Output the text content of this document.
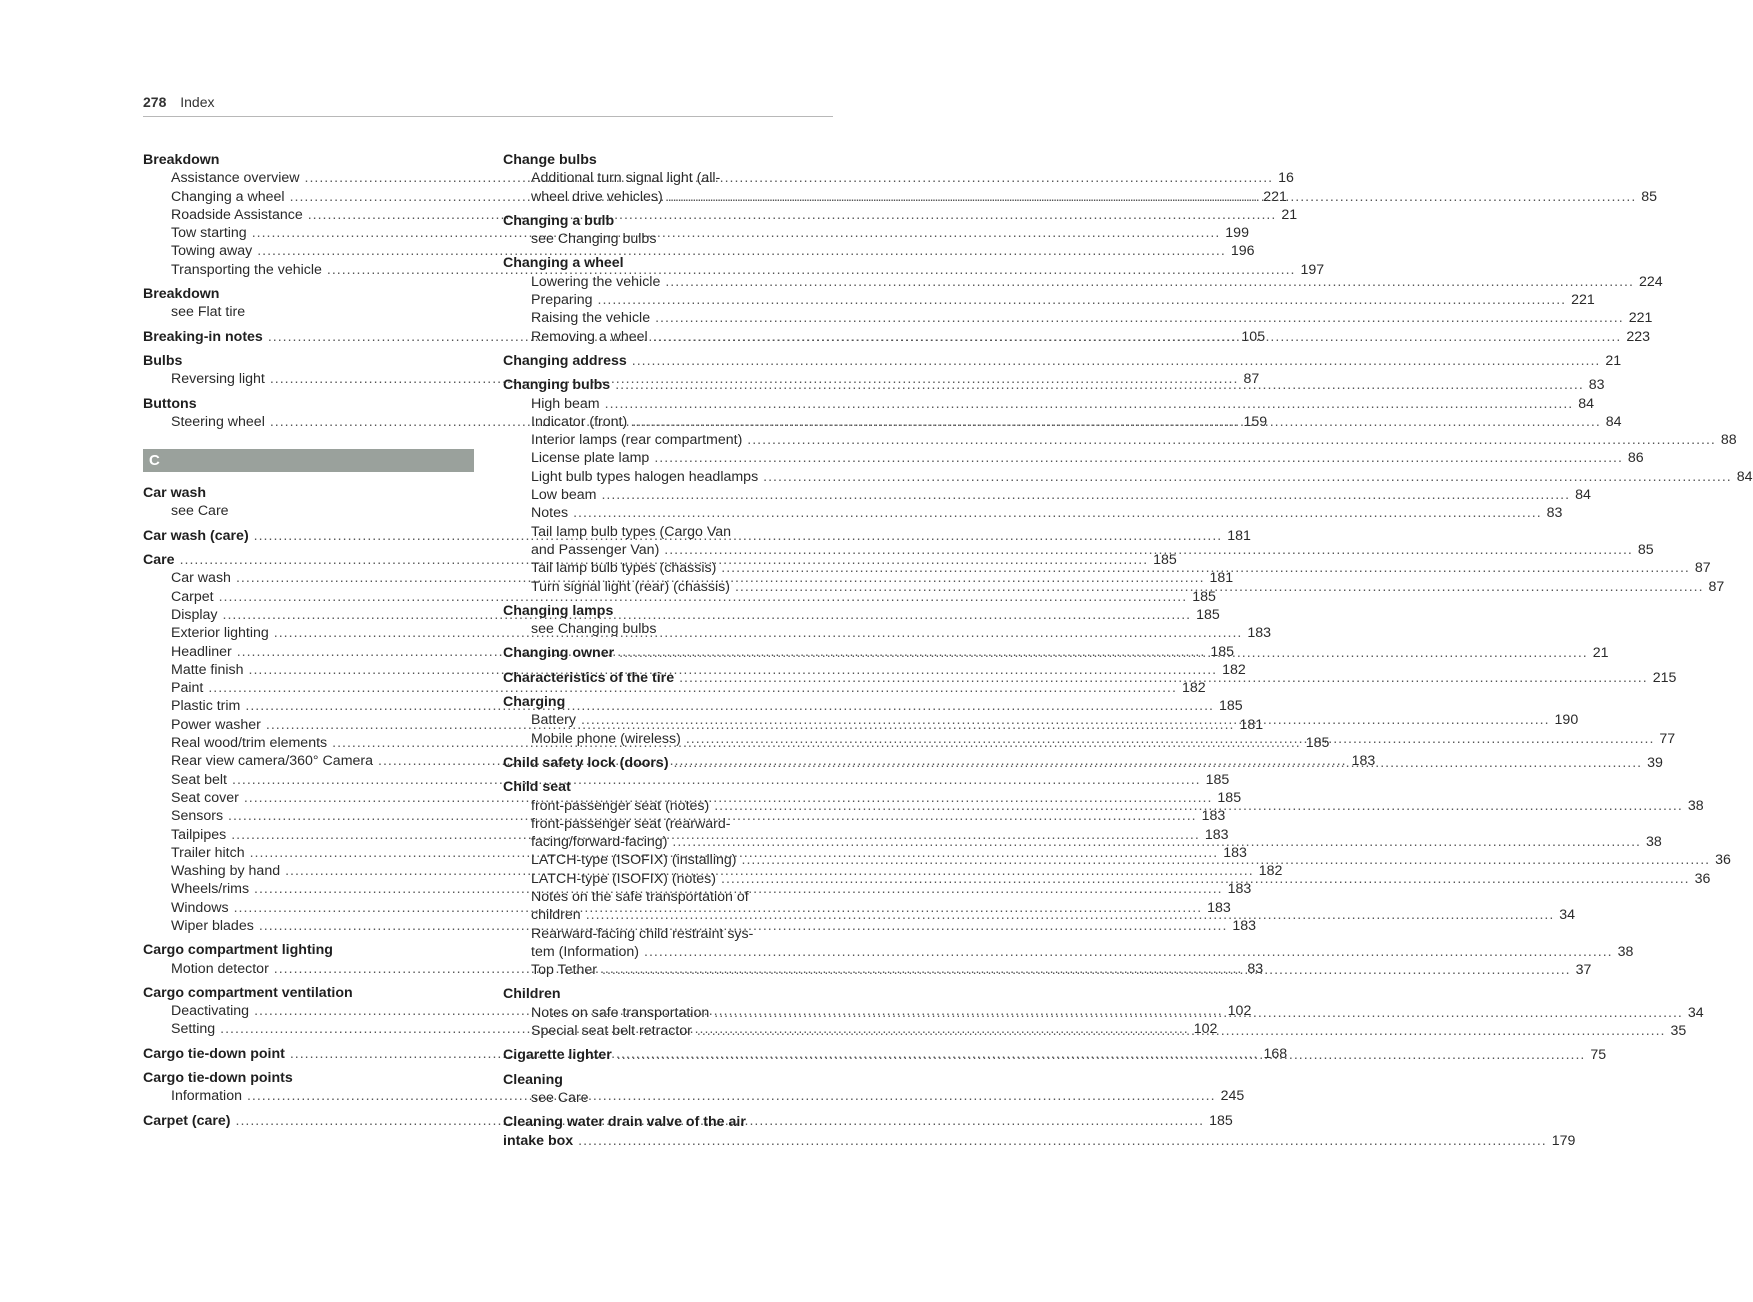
278 Index
Breakdown
Assistance overview .....	16
Changing a wheel .....	221
Roadside Assistance .....	21
Tow starting .....	199
Towing away .....	196
Transporting the vehicle .....	197
Breakdown
see Flat tire
Breaking-in notes .....	105
Bulbs
Reversing light .....	87
Buttons
Steering wheel .....	159
C
Car wash
see Care
Car wash (care) .....	181
Care .....	185
Car wash .....	181
Carpet .....	185
Display .....	185
Exterior lighting .....	183
Headliner .....	185
Matte finish .....	182
Paint .....	182
Plastic trim .....	185
Power washer .....	181
Real wood/trim elements .....	185
Rear view camera/360° Camera .....	183
Seat belt .....	185
Seat cover .....	185
Sensors .....	183
Tailpipes .....	183
Trailer hitch .....	183
Washing by hand .....	182
Wheels/rims .....	183
Windows .....	183
Wiper blades .....	183
Cargo compartment lighting
Motion detector .....	83
Cargo compartment ventilation
Deactivating .....	102
Setting .....	102
Cargo tie-down point .....	168
Cargo tie-down points
Information .....	245
Carpet (care) .....	185
Change bulbs
Additional turn signal light (all-
wheel drive vehicles) .....	85
Changing a bulb
see Changing bulbs
Changing a wheel
Lowering the vehicle .....	224
Preparing .....	221
Raising the vehicle .....	221
Removing a wheel .....	223
Changing address .....	21
Changing bulbs .....	83
High beam .....	84
Indicator (front) .....	84
Interior lamps (rear compartment) .....	88
License plate lamp .....	86
Light bulb types halogen headlamps .....	84
Low beam .....	84
Notes .....	83
Tail lamp bulb types (Cargo Van
and Passenger Van) .....	85
Tail lamp bulb types (chassis) .....	87
Turn signal light (rear) (chassis) .....	87
Changing lamps
see Changing bulbs
Changing owner .....	21
Characteristics of the tire .....	215
Charging
Battery .....	190
Mobile phone (wireless) .....	77
Child safety lock (doors) .....	39
Child seat
front-passenger seat (notes) .....	38
front-passenger seat (rearward-
facing/forward-facing) .....	38
LATCH-type (ISOFIX) (installing) .....	36
LATCH-type (ISOFIX) (notes) .....	36
Notes on the safe transportation of
children .....	34
Rearward-facing child restraint sys-
tem (Information) .....	38
Top Tether .....	37
Children
Notes on safe transportation .....	34
Special seat belt retractor .....	35
Cigarette lighter .....	75
Cleaning
see Care
Cleaning water drain valve of the air
intake box .....	179
